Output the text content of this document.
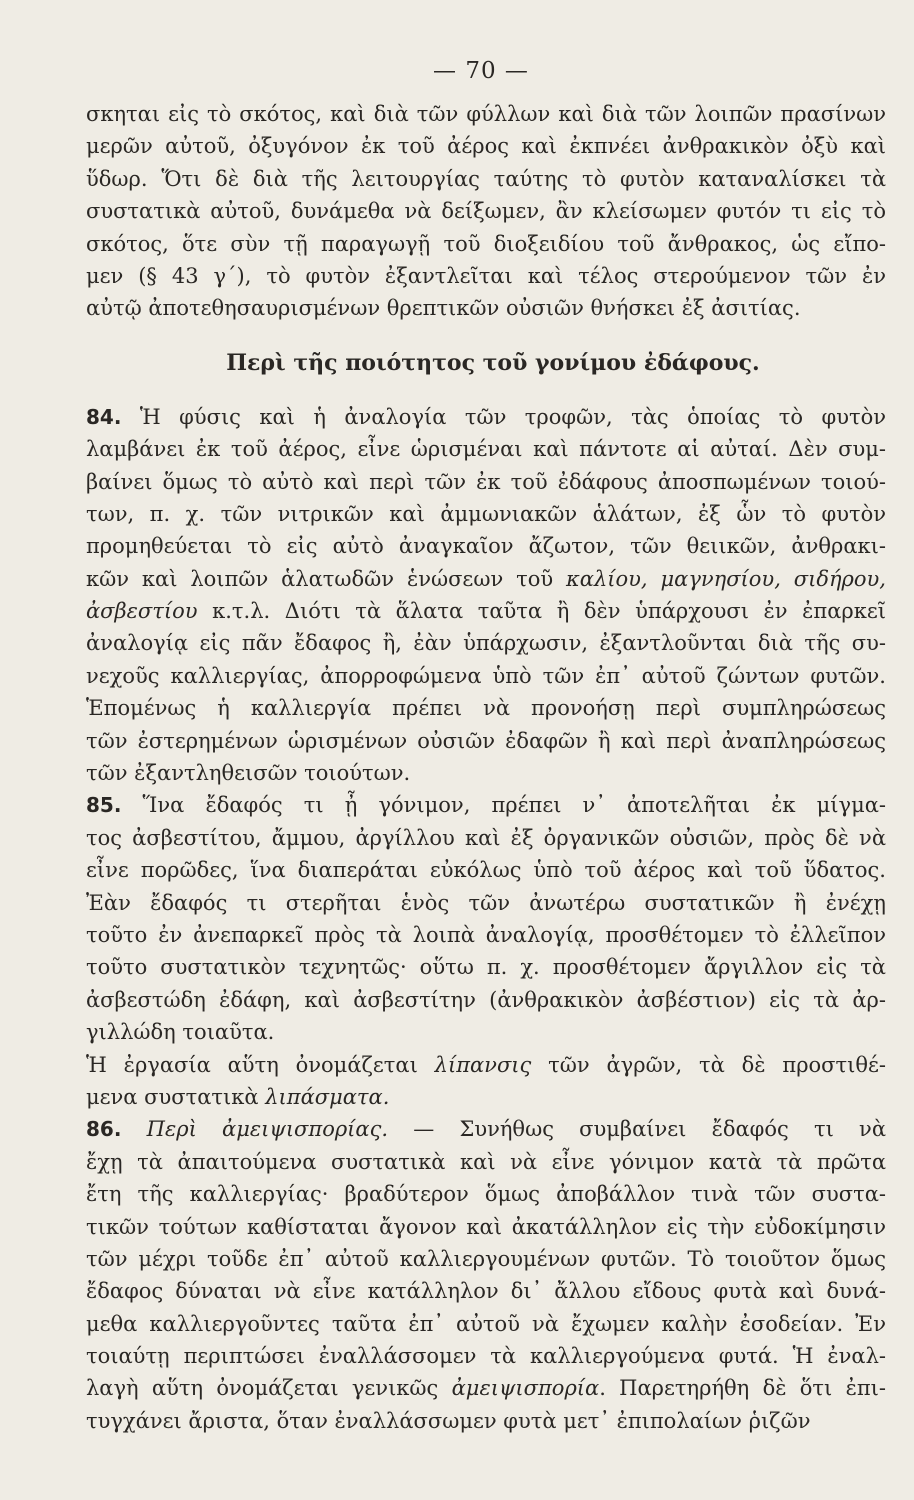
— 70 —
σκηται εἰς τὸ σκότος, καὶ διὰ τῶν φύλλων καὶ διὰ τῶν λοιπῶν πρασίνων
μερῶν αὐτοῦ, ὀξυγόνον ἐκ τοῦ ἀέρος καὶ ἐκπνέει ἀνθρακικὸν ὀξὺ καὶ
ὕδωρ. Ὅτι δὲ διὰ τῆς λειτουργίας ταύτης τὸ φυτὸν καταναλίσκει τὰ
συστατικὰ αὐτοῦ, δυνάμεθα νὰ δείξωμεν, ἂν κλείσωμεν φυτόν τι εἰς τὸ
σκότος, ὅτε σὺν τῇ παραγωγῇ τοῦ διοξειδίου τοῦ ἄνθρακος, ὡς εἴπο-
μεν (§ 43 γ΄), τὸ φυτὸν ἐξαντλεῖται καὶ τέλος στερούμενον τῶν ἐν
αὐτῷ ἀποτεθησαυρισμένων θρεπτικῶν οὐσιῶν θνήσκει ἐξ ἀσιτίας.
Περὶ τῆς ποιότητος τοῦ γονίμου ἐδάφους.
84. Ἡ φύσις καὶ ἡ ἀναλογία τῶν τροφῶν, τὰς ὁποίας τὸ φυτὸν
λαμβάνει ἐκ τοῦ ἀέρος, εἶνε ὡρισμέναι καὶ πάντοτε αἱ αὐταί. Δὲν συμ-
βαίνει ὅμως τὸ αὐτὸ καὶ περὶ τῶν ἐκ τοῦ ἐδάφους ἀποσπωμένων τοιού-
των, π. χ. τῶν νιτρικῶν καὶ ἀμμωνιακῶν ἁλάτων, ἐξ ὧν τὸ φυτὸν
προμηθεύεται τὸ εἰς αὐτὸ ἀναγκαῖον ἄζωτον, τῶν θειικῶν, ἀνθρακι-
κῶν καὶ λοιπῶν ἁλατωδῶν ἑνώσεων τοῦ καλίου, μαγνησίου, σιδήρου,
ἀσβεστίου κ.τ.λ. Διότι τὰ ἅλατα ταῦτα ἢ δὲν ὑπάρχουσι ἐν ἐπαρκεῖ
ἀναλογίᾳ εἰς πᾶν ἔδαφος ἢ, ἐὰν ὑπάρχωσιν, ἐξαντλοῦνται διὰ τῆς συ-
νεχοῦς καλλιεργίας, ἀπορροφώμενα ὑπὸ τῶν ἐπ᾽ αὐτοῦ ζώντων φυτῶν.
Ἑπομένως ἡ καλλιεργία πρέπει νὰ προνοήσῃ περὶ συμπληρώσεως
τῶν ἐστερημένων ὡρισμένων οὐσιῶν ἐδαφῶν ἢ καὶ περὶ ἀναπληρώσεως
τῶν ἐξαντληθεισῶν τοιούτων.
85. Ἵνα ἔδαφός τι ᾖ γόνιμον, πρέπει ν᾽ ἀποτελῆται ἐκ μίγμα-
τος ἀσβεστίτου, ἄμμου, ἀργίλλου καὶ ἐξ ὀργανικῶν οὐσιῶν, πρὸς δὲ νὰ
εἶνε πορῶδες, ἵνα διαπεράται εὐκόλως ὑπὸ τοῦ ἀέρος καὶ τοῦ ὕδατος.
Ἐὰν ἔδαφός τι στερῆται ἑνὸς τῶν ἀνωτέρω συστατικῶν ἢ ἐνέχῃ
τοῦτο ἐν ἀνεπαρκεῖ πρὸς τὰ λοιπὰ ἀναλογίᾳ, προσθέτομεν τὸ ἐλλεῖπον
τοῦτο συστατικὸν τεχνητῶς· οὕτω π. χ. προσθέτομεν ἄργιλλον εἰς τὰ
ἀσβεστώδη ἐδάφη, καὶ ἀσβεστίτην (ἀνθρακικὸν ἀσβέστιον) εἰς τὰ ἀρ-
γιλλώδη τοιαῦτα.
Ἡ ἐργασία αὕτη ὀνομάζεται λίπανσις τῶν ἀγρῶν, τὰ δὲ προστιθέ-
μενα συστατικὰ λιπάσματα.
86. Περὶ ἀμειψισπορίας. — Συνήθως συμβαίνει ἔδαφός τι νὰ
ἔχῃ τὰ ἀπαιτούμενα συστατικὰ καὶ νὰ εἶνε γόνιμον κατὰ τὰ πρῶτα
ἔτη τῆς καλλιεργίας· βραδύτερον ὅμως ἀποβάλλον τινὰ τῶν συστα-
τικῶν τούτων καθίσταται ἄγονον καὶ ἀκατάλληλον εἰς τὴν εὐδοκίμησιν
τῶν μέχρι τοῦδε ἐπ᾽ αὐτοῦ καλλιεργουμένων φυτῶν. Τὸ τοιοῦτον ὅμως
ἔδαφος δύναται νὰ εἶνε κατάλληλον δι᾽ ἄλλου εἴδους φυτὰ καὶ δυνά-
μεθα καλλιεργοῦντες ταῦτα ἐπ᾽ αὐτοῦ νὰ ἔχωμεν καλὴν ἐσοδείαν. Ἐν
τοιαύτῃ περιπτώσει ἐναλλάσσομεν τὰ καλλιεργούμενα φυτά. Ἡ ἐναλ-
λαγὴ αὕτη ὀνομάζεται γενικῶς ἀμειψισπορία. Παρετηρήθη δὲ ὅτι ἐπι-
τυγχάνει ἄριστα, ὅταν ἐναλλάσσωμεν φυτὰ μετ᾽ ἐπιπολαίων ῥιζῶν
